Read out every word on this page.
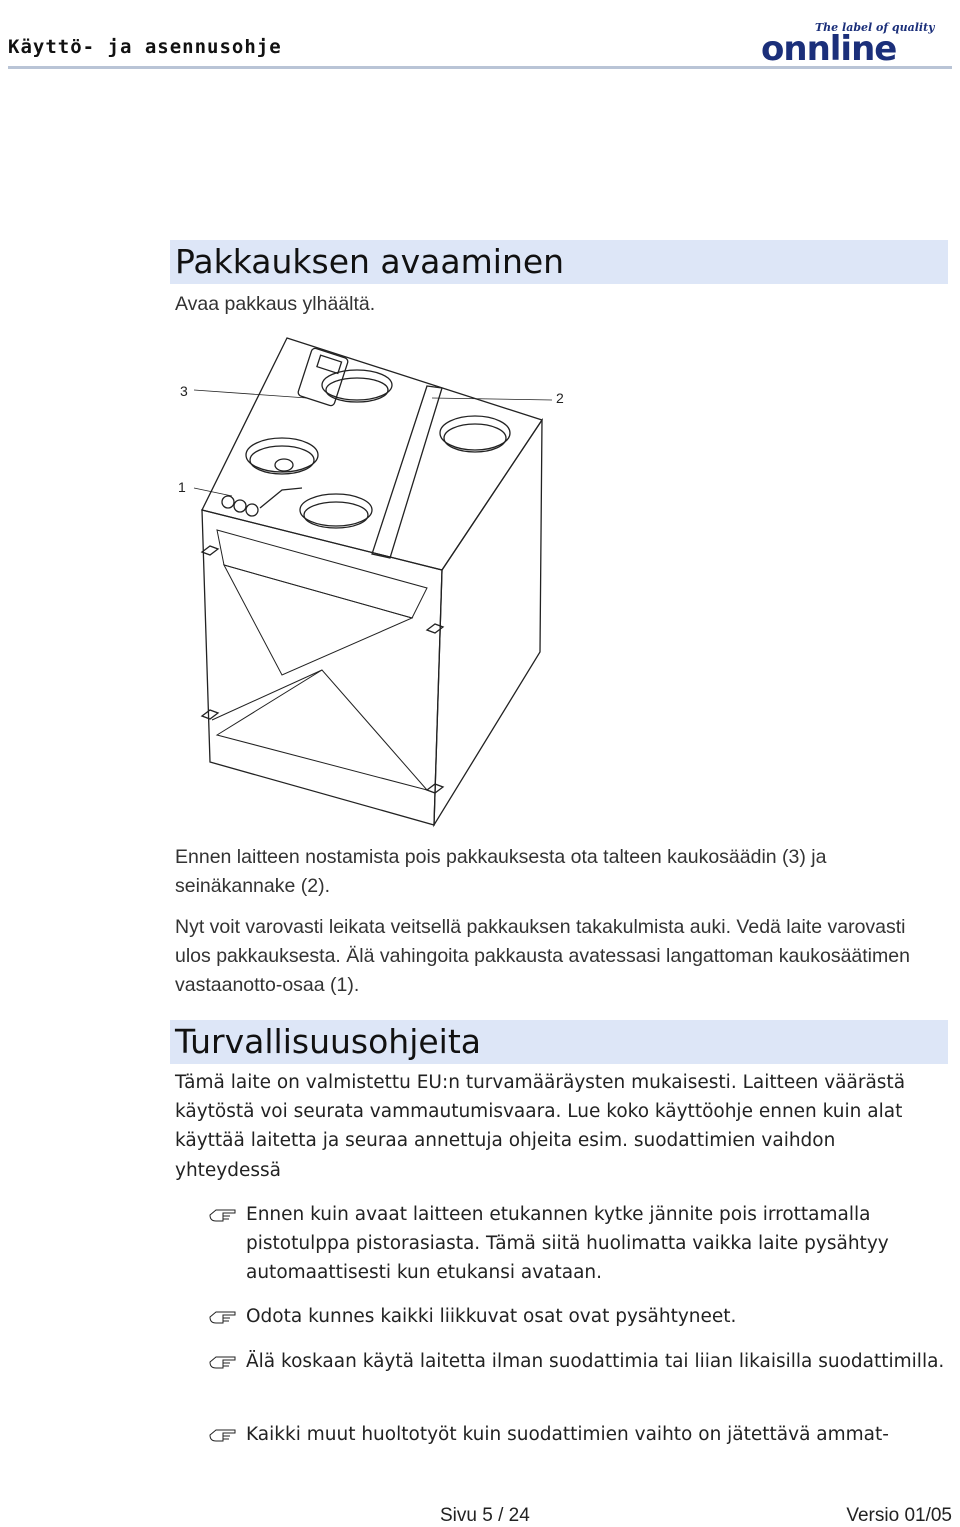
Käyttö- ja asennusohje
The label of quality
onnline
Pakkauksen avaaminen
Avaa pakkaus ylhäältä.
3	2
1
Ennen laitteen nostamista pois pakkauksesta ota talteen kaukosäädin (3) ja seinäkannake (2).
Nyt voit varovasti leikata veitsellä pakkauksen takakulmista auki. Vedä laite varovasti ulos pakkauksesta. Älä vahingoita pakkausta avatessasi langattoman kaukosäätimen vastaanotto-osaa (1).
Turvallisuusohjeita
Tämä laite on valmistettu EU:n turvamääräysten mukaisesti. Laitteen väärästä käytöstä voi seurata vammautumisvaara. Lue koko käyttöohje ennen kuin alat käyttää laitetta ja seuraa annettuja ohjeita esim. suodattimien vaihdon yhteydessä
Ennen kuin avaat laitteen etukannen kytke jännite pois irrottamalla pistotulppa pistorasiasta. Tämä siitä huolimatta vaikka laite pysähtyy automaattisesti kun etukansi avataan.
Odota kunnes kaikki liikkuvat osat ovat pysähtyneet.
Älä koskaan käytä laitetta ilman suodattimia tai liian likaisilla suodattimilla.
Kaikki muut huoltotyöt kuin suodattimien vaihto on jätettävä ammat-
Sivu 5 / 24	Versio 01/05
